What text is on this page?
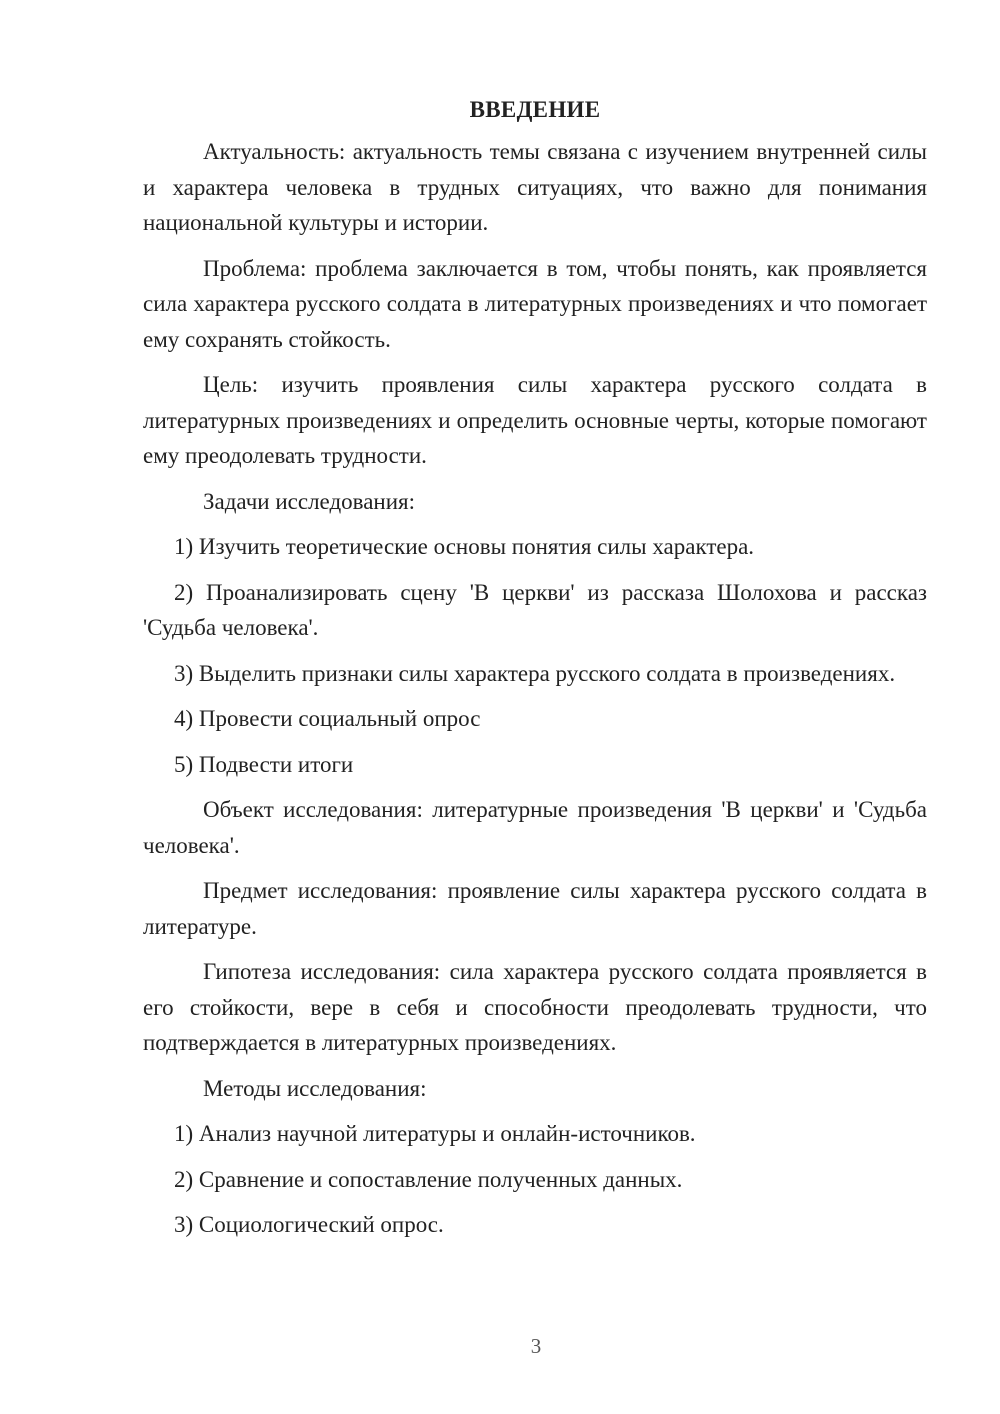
ВВЕДЕНИЕ

Актуальность: актуальность темы связана с изучением внутренней силы и характера человека в трудных ситуациях, что важно для понимания национальной культуры и истории.

Проблема: проблема заключается в том, чтобы понять, как проявляется сила характера русского солдата в литературных произведениях и что помогает ему сохранять стойкость.

Цель: изучить проявления силы характера русского солдата в литературных произведениях и определить основные черты, которые помогают ему преодолевать трудности.

Задачи исследования:

1) Изучить теоретические основы понятия силы характера.

2) Проанализировать сцену 'В церкви' из рассказа Шолохова и рассказ 'Судьба человека'.

3) Выделить признаки силы характера русского солдата в произведениях.

4) Провести социальный опрос

5) Подвести итоги

Объект исследования: литературные произведения 'В церкви' и 'Судьба человека'.

Предмет исследования: проявление силы характера русского солдата в литературе.

Гипотеза исследования: сила характера русского солдата проявляется в его стойкости, вере в себя и способности преодолевать трудности, что подтверждается в литературных произведениях.

Методы исследования:

1) Анализ научной литературы и онлайн-источников.

2) Сравнение и сопоставление полученных данных.

3) Социологический опрос.

3
